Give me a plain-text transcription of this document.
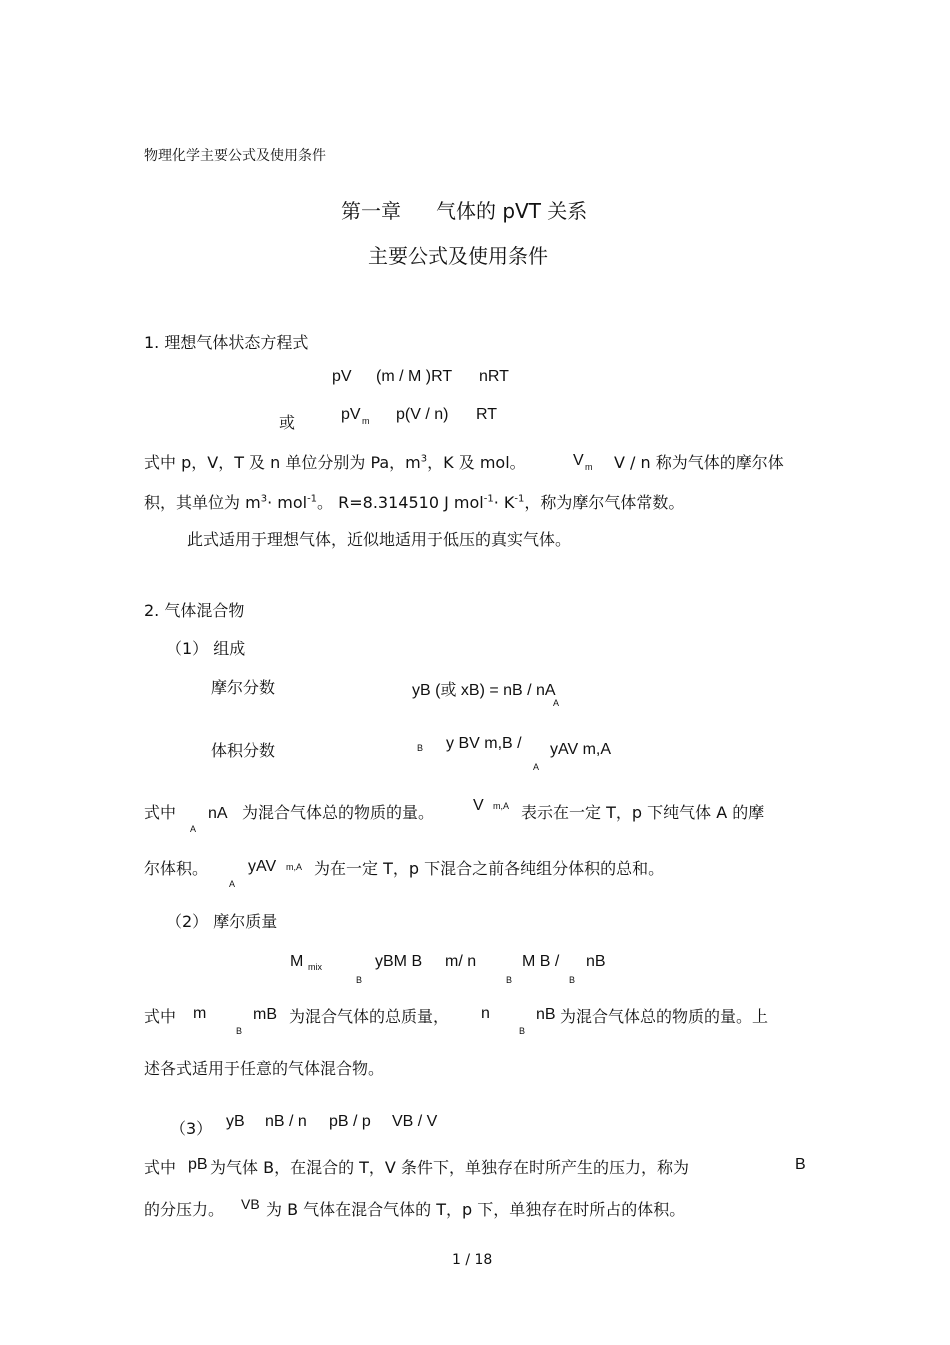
物理化学主要公式及使用条件
第一章 气体的 pVT 关系
主要公式及使用条件
1. 理想气体状态方程式
pV (m / M )RT nRT
或	pV m p(V / n) RT
式中 p，V，T 及 n 单位分别为 Pa，$m^3$，K 及 mol。	V m V / n 称为气体的摩尔体
积，其单位为 $m^3\cdot mol^{-1}$。 R=8.314510 J $mol^{-1}\cdot K^{-1}$，称为摩尔气体常数。
此式适用于理想气体，近似地适用于低压的真实气体。
2. 气体混合物
（1） 组成
摩尔分数	yB (或 xB) = nB / nA
A
体积分数	B y BV m,B / yAV m,A
A
式中
A
nA 为混合气体总的物质的量。 V m,A 表示在一定 T，p 下纯气体 A 的摩
尔体积。
A
yAV m,A 为在一定 T，p 下混合之前各纯组分体积的总和。
（2） 摩尔质量
M mix	yBM B m/ n	M B / nB
B	B	B
式中 m
B
mB 为混合气体的总质量， n
B
nB 为混合气体总的物质的量。上
述各式适用于任意的气体混合物。
（3） yB nB / n pB / p VB / V
式中 pB 为气体 B，在混合的 T，V 条件下，单独存在时所产生的压力，称为	B
的分压力。 VB 为 B 气体在混合气体的 T，p 下，单独存在时所占的体积。
1 / 18
